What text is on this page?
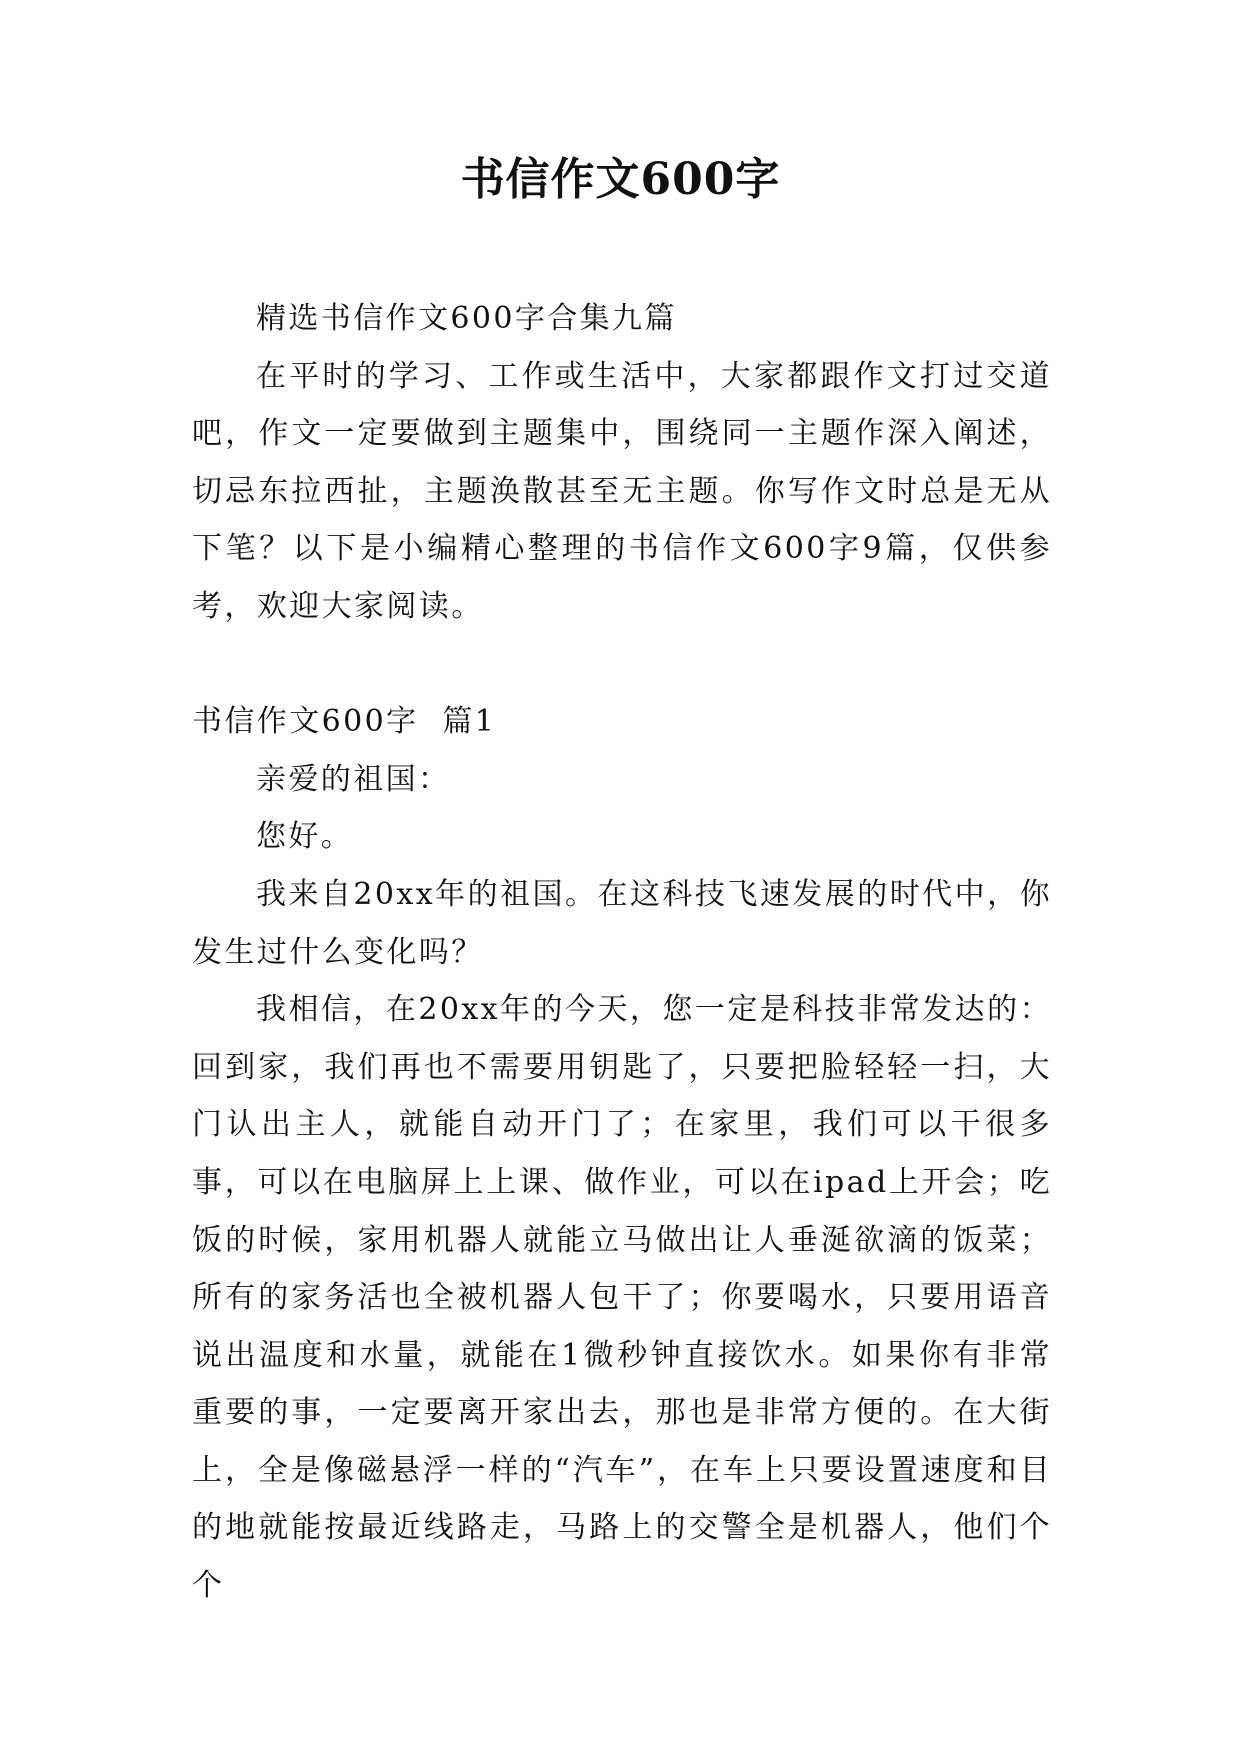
书信作文600字

精选书信作文600字合集九篇

在平时的学习、工作或生活中，大家都跟作文打过交道吧，作文一定要做到主题集中，围绕同一主题作深入阐述，切忌东拉西扯，主题涣散甚至无主题。你写作文时总是无从下笔？以下是小编精心整理的书信作文600字9篇，仅供参考，欢迎大家阅读。

书信作文600字  篇1

亲爱的祖国：

您好。

我来自20xx年的祖国。在这科技飞速发展的时代中，你发生过什么变化吗？

我相信，在20xx年的今天，您一定是科技非常发达的：回到家，我们再也不需要用钥匙了，只要把脸轻轻一扫，大门认出主人，就能自动开门了；在家里，我们可以干很多事，可以在电脑屏上上课、做作业，可以在ipad上开会；吃饭的时候，家用机器人就能立马做出让人垂涎欲滴的饭菜；所有的家务活也全被机器人包干了；你要喝水，只要用语音说出温度和水量，就能在1微秒钟直接饮水。如果你有非常重要的事，一定要离开家出去，那也是非常方便的。在大街上，全是像磁悬浮一样的“汽车”，在车上只要设置速度和目的地就能按最近线路走，马路上的交警全是机器人，他们个个
